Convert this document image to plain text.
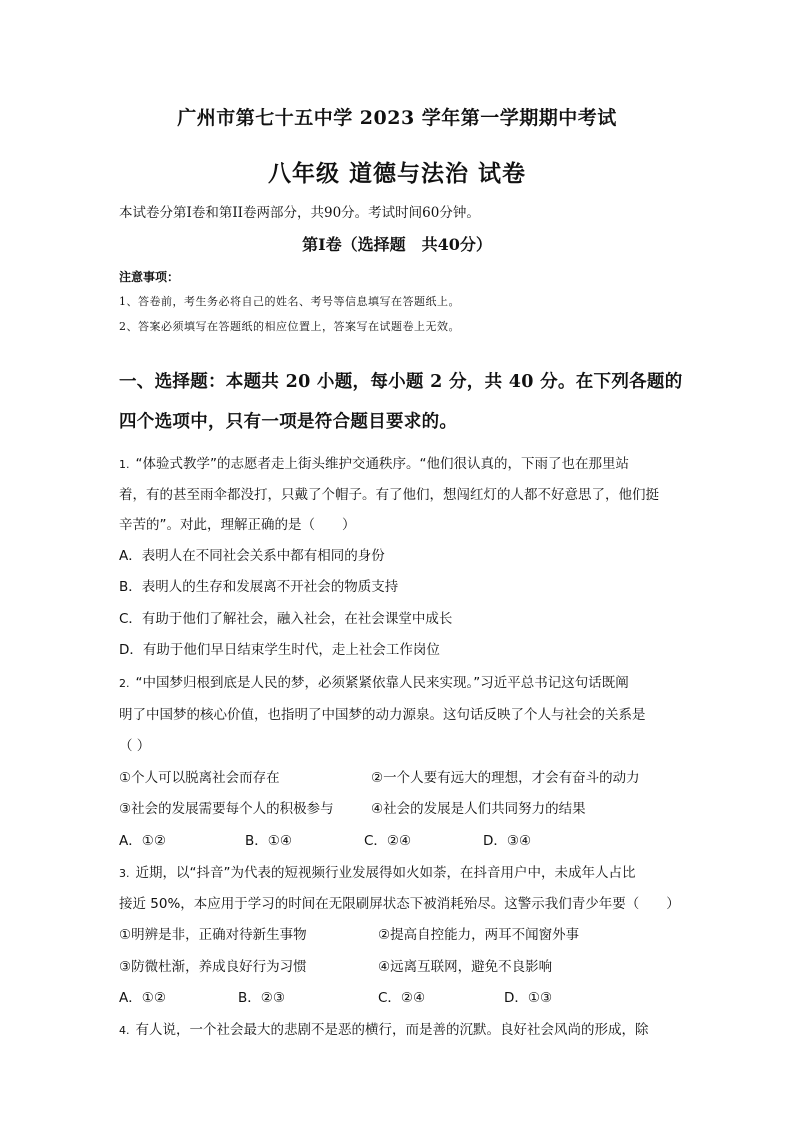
广州市第七十五中学 2023 学年第一学期期中考试
八年级 道德与法治 试卷
本试卷分第Ⅰ卷和第II卷两部分，共90分。考试时间60分钟。
第Ⅰ卷（选择题　共40分）
注意事项：
1、答卷前，考生务必将自己的姓名、考号等信息填写在答题纸上。
2、答案必须填写在答题纸的相应位置上，答案写在试题卷上无效。
一、选择题：本题共 20 小题，每小题 2 分，共 40 分。在下列各题的
四个选项中，只有一项是符合题目要求的。
1. “体验式教学”的志愿者走上街头维护交通秩序。“他们很认真的，下雨了也在那里站
着，有的甚至雨伞都没打，只戴了个帽子。有了他们，想闯红灯的人都不好意思了，他们挺
辛苦的”。对此，理解正确的是（　　）
A．表明人在不同社会关系中都有相同的身份
B．表明人的生存和发展离不开社会的物质支持
C．有助于他们了解社会，融入社会，在社会课堂中成长
D．有助于他们早日结束学生时代，走上社会工作岗位
2. “中国梦归根到底是人民的梦，必须紧紧依靠人民来实现。”习近平总书记这句话既阐
明了中国梦的核心价值，也指明了中国梦的动力源泉。这句话反映了个人与社会的关系是
（ ）
①个人可以脱离社会而存在	②一个人要有远大的理想，才会有奋斗的动力
③社会的发展需要每个人的积极参与	④社会的发展是人们共同努力的结果
A．①②	B．①④	C．②④	D．③④
3. 近期，以“抖音”为代表的短视频行业发展得如火如荼，在抖音用户中，未成年人占比
接近 50%，本应用于学习的时间在无限刷屏状态下被消耗殆尽。这警示我们青少年要（　　）
①明辨是非，正确对待新生事物	②提高自控能力，两耳不闻窗外事
③防微杜渐，养成良好行为习惯	④远离互联网，避免不良影响
A．①②	B．②③	C．②④	D．①③
4. 有人说，一个社会最大的悲剧不是恶的横行，而是善的沉默。良好社会风尚的形成，除
